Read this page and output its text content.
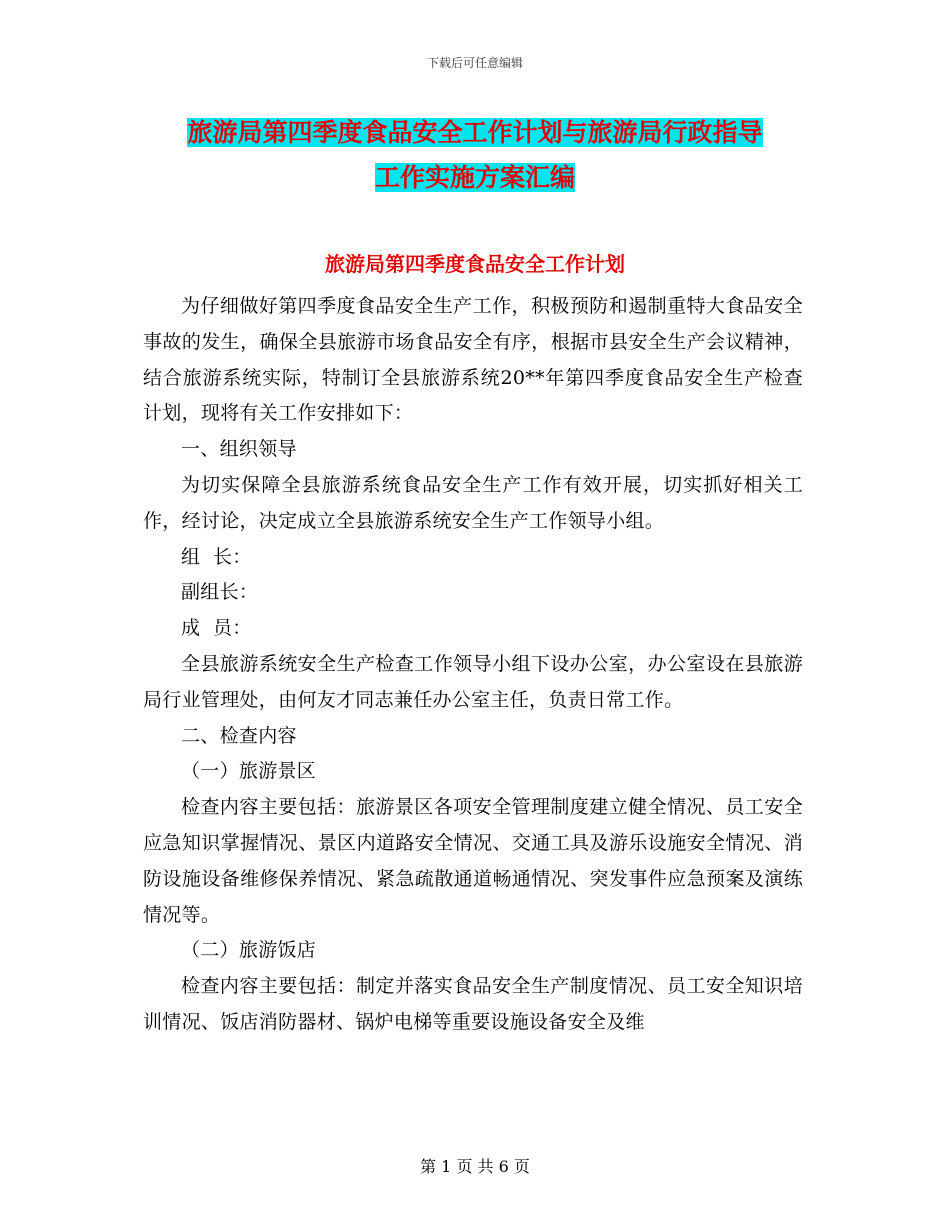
下载后可任意编辑
旅游局第四季度食品安全工作计划与旅游局行政指导
工作实施方案汇编
旅游局第四季度食品安全工作计划

为仔细做好第四季度食品安全生产工作，积极预防和遏制重特大食品安全事故的发生，确保全县旅游市场食品安全有序，根据市县安全生产会议精神，结合旅游系统实际，特制订全县旅游系统20**年第四季度食品安全生产检查计划，现将有关工作安排如下：

一、组织领导

为切实保障全县旅游系统食品安全生产工作有效开展，切实抓好相关工作，经讨论，决定成立全县旅游系统安全生产工作领导小组。

组  长：

副组长：

成  员：

全县旅游系统安全生产检查工作领导小组下设办公室，办公室设在县旅游局行业管理处，由何友才同志兼任办公室主任，负责日常工作。

二、检查内容

（一）旅游景区

检查内容主要包括：旅游景区各项安全管理制度建立健全情况、员工安全应急知识掌握情况、景区内道路安全情况、交通工具及游乐设施安全情况、消防设施设备维修保养情况、紧急疏散通道畅通情况、突发事件应急预案及演练情况等。

（二）旅游饭店

检查内容主要包括：制定并落实食品安全生产制度情况、员工安全知识培训情况、饭店消防器材、锅炉电梯等重要设施设备安全及维

第 1 页 共 6 页
